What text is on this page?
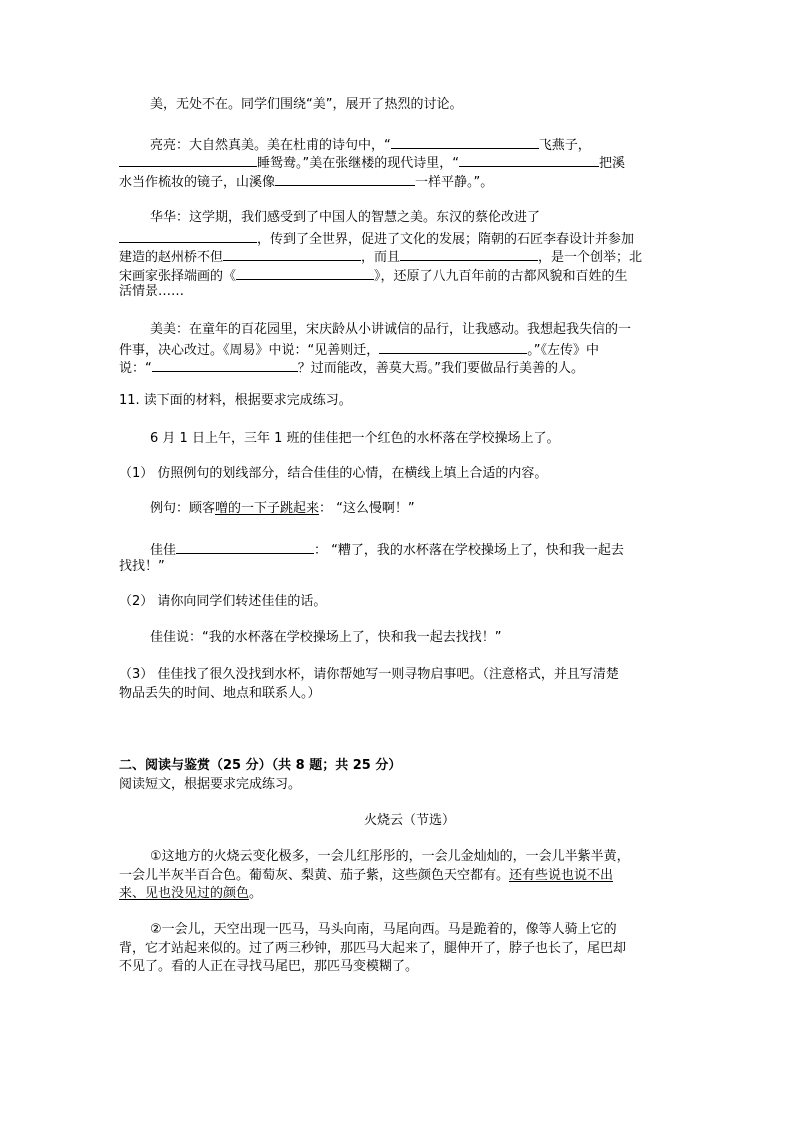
美，无处不在。同学们围绕“美”，展开了热烈的讨论。
亮亮：大自然真美。美在杜甫的诗句中，“	飞燕子，
睡鸳鸯。”美在张继楼的现代诗里，“	把溪
水当作梳妆的镜子，山溪像	一样平静。”。
华华：这学期，我们感受到了中国人的智慧之美。东汉的蔡伦改进了
，传到了全世界，促进了文化的发展；隋朝的石匠李春设计并参加
建造的赵州桥不但	，而且	，是一个创举；北
宋画家张择端画的《	》，还原了八九百年前的古都风貌和百姓的生
活情景……
美美：在童年的百花园里，宋庆龄从小讲诚信的品行，让我感动。我想起我失信的一
件事，决心改过。《周易》中说：“见善则迁，	。”《左传》中
说：“	？过而能改，善莫大焉。”我们要做品行美善的人。
11. 读下面的材料，根据要求完成练习。
6 月 1 日上午，三年 1 班的佳佳把一个红色的水杯落在学校操场上了。
（1） 仿照例句的划线部分，结合佳佳的心情，在横线上填上合适的内容。
例句：顾客噌的一下子跳起来： “这么慢啊！”
佳佳	： “糟了，我的水杯落在学校操场上了，快和我一起去
找找！”
（2） 请你向同学们转述佳佳的话。
佳佳说：“我的水杯落在学校操场上了，快和我一起去找找！”
（3） 佳佳找了很久没找到水杯，请你帮她写一则寻物启事吧。（注意格式，并且写清楚
物品丢失的时间、地点和联系人。）
二、阅读与鉴赏（25 分）（共 8 题；共 25 分）
阅读短文，根据要求完成练习。
火烧云（节选）
①这地方的火烧云变化极多，一会儿红彤彤的，一会儿金灿灿的，一会儿半紫半黄，
一会儿半灰半百合色。葡萄灰、梨黄、茄子紫，这些颜色天空都有。还有些说也说不出
来、见也没见过的颜色。
②一会儿，天空出现一匹马，马头向南，马尾向西。马是跪着的，像等人骑上它的
背，它才站起来似的。过了两三秒钟，那匹马大起来了，腿伸开了，脖子也长了，尾巴却
不见了。看的人正在寻找马尾巴，那匹马变模糊了。
